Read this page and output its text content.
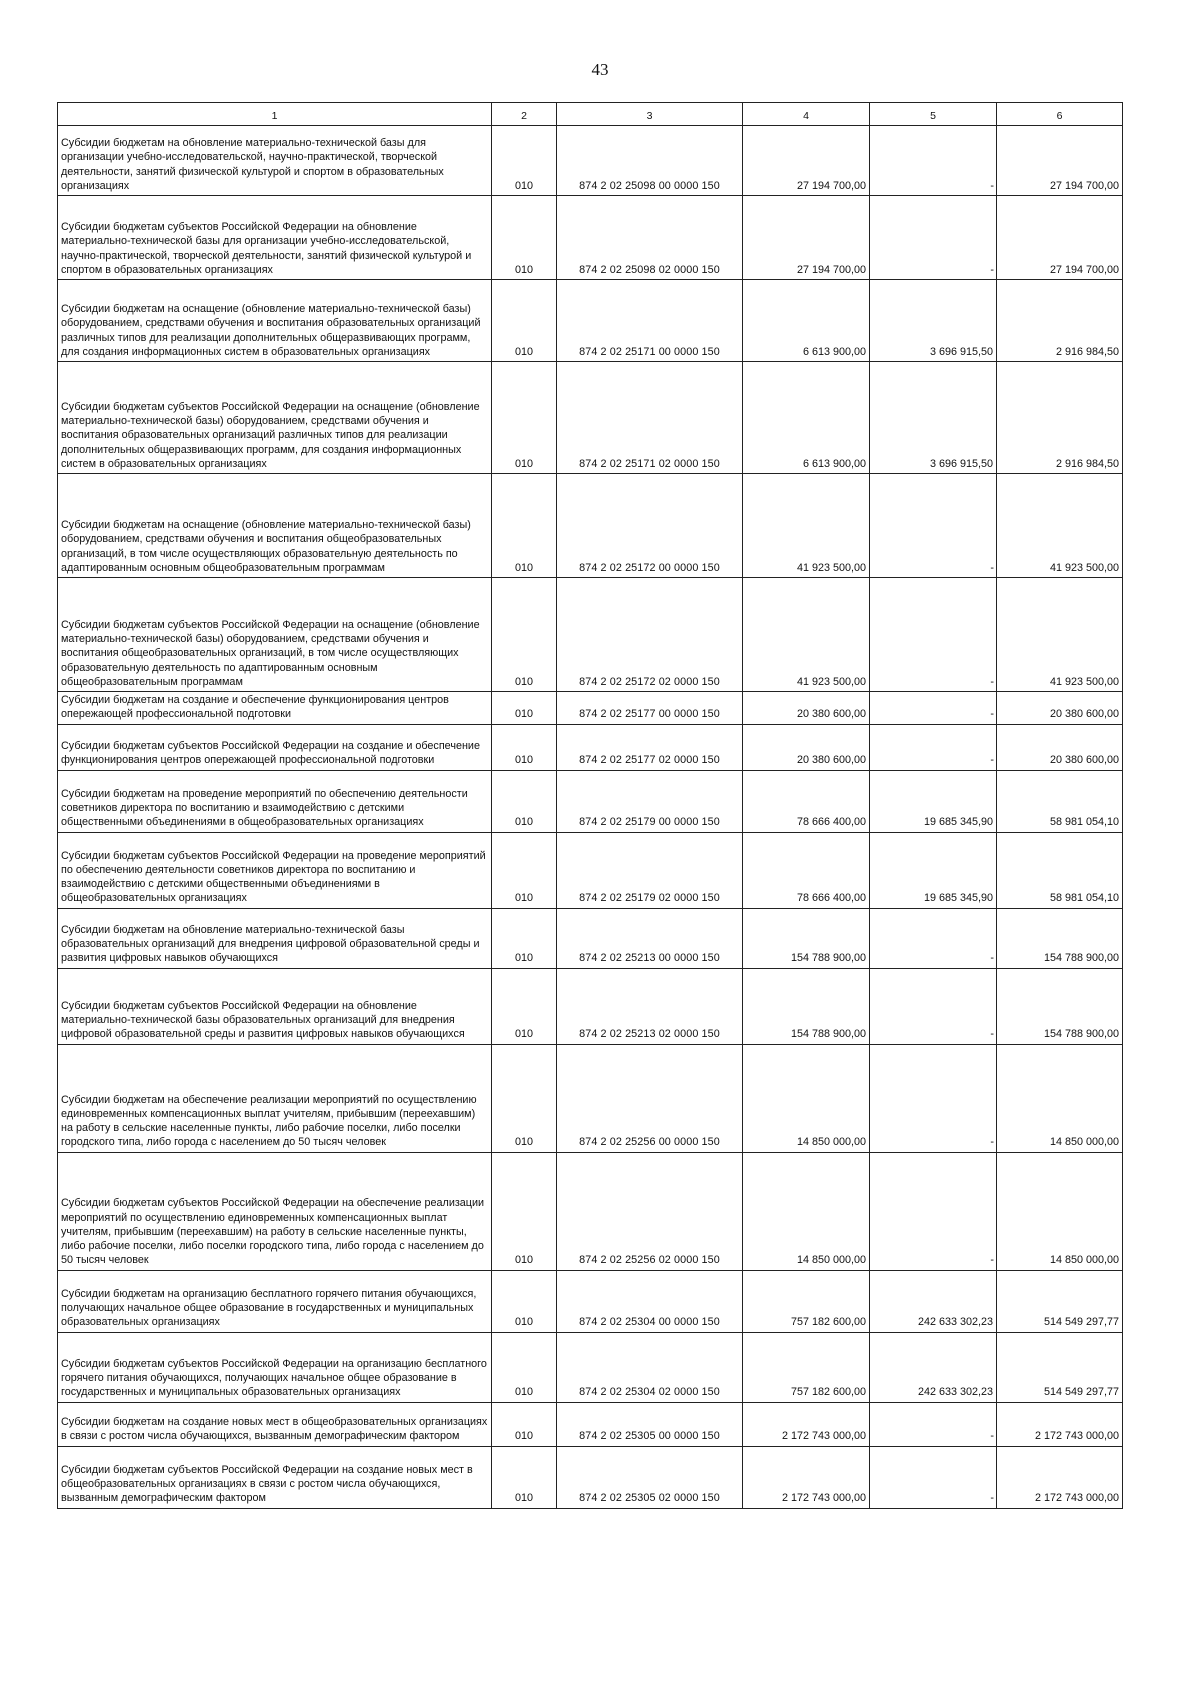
43
1	2	3	4	5	6
Субсидии бюджетам на обновление материально-технической базы для организации учебно-исследовательской, научно-практической, творческой деятельности, занятий физической культурой и спортом в образовательных организациях	010	874 2 02 25098 00 0000 150	27 194 700,00	-	27 194 700,00
Субсидии бюджетам субъектов Российской Федерации на обновление материально-технической базы для организации учебно-исследовательской, научно-практической, творческой деятельности, занятий физической культурой и спортом в образовательных организациях	010	874 2 02 25098 02 0000 150	27 194 700,00	-	27 194 700,00
Субсидии бюджетам на оснащение (обновление материально-технической базы) оборудованием, средствами обучения и воспитания образовательных организаций различных типов для реализации дополнительных общеразвивающих программ, для создания информационных систем в образовательных организациях	010	874 2 02 25171 00 0000 150	6 613 900,00	3 696 915,50	2 916 984,50
Субсидии бюджетам субъектов Российской Федерации на оснащение (обновление материально-технической базы) оборудованием, средствами обучения и воспитания образовательных организаций различных типов для реализации дополнительных общеразвивающих программ, для создания информационных систем в образовательных организациях	010	874 2 02 25171 02 0000 150	6 613 900,00	3 696 915,50	2 916 984,50
Субсидии бюджетам на оснащение (обновление материально-технической базы) оборудованием, средствами обучения и воспитания общеобразовательных организаций, в том числе осуществляющих образовательную деятельность по адаптированным основным общеобразовательным программам	010	874 2 02 25172 00 0000 150	41 923 500,00	-	41 923 500,00
Субсидии бюджетам субъектов Российской Федерации на оснащение (обновление материально-технической базы) оборудованием, средствами обучения и воспитания общеобразовательных организаций, в том числе осуществляющих образовательную деятельность по адаптированным основным общеобразовательным программам	010	874 2 02 25172 02 0000 150	41 923 500,00	-	41 923 500,00
Субсидии бюджетам на создание и обеспечение функционирования центров опережающей профессиональной подготовки	010	874 2 02 25177 00 0000 150	20 380 600,00	-	20 380 600,00
Субсидии бюджетам субъектов Российской Федерации на создание и обеспечение функционирования центров опережающей профессиональной подготовки	010	874 2 02 25177 02 0000 150	20 380 600,00	-	20 380 600,00
Субсидии бюджетам на проведение мероприятий по обеспечению деятельности советников директора по воспитанию и взаимодействию с детскими общественными объединениями в общеобразовательных организациях	010	874 2 02 25179 00 0000 150	78 666 400,00	19 685 345,90	58 981 054,10
Субсидии бюджетам субъектов Российской Федерации на проведение мероприятий по обеспечению деятельности советников директора по воспитанию и взаимодействию с детскими общественными объединениями в общеобразовательных организациях	010	874 2 02 25179 02 0000 150	78 666 400,00	19 685 345,90	58 981 054,10
Субсидии бюджетам на обновление материально-технической базы образовательных организаций для внедрения цифровой образовательной среды и развития цифровых навыков обучающихся	010	874 2 02 25213 00 0000 150	154 788 900,00	-	154 788 900,00
Субсидии бюджетам субъектов Российской Федерации на обновление материально-технической базы образовательных организаций для внедрения цифровой образовательной среды и развития цифровых навыков обучающихся	010	874 2 02 25213 02 0000 150	154 788 900,00	-	154 788 900,00
Субсидии бюджетам на обеспечение реализации мероприятий по осуществлению единовременных компенсационных выплат учителям, прибывшим (переехавшим) на работу в сельские населенные пункты, либо рабочие поселки, либо поселки городского типа, либо города с населением до 50 тысяч человек	010	874 2 02 25256 00 0000 150	14 850 000,00	-	14 850 000,00
Субсидии бюджетам субъектов Российской Федерации на обеспечение реализации мероприятий по осуществлению единовременных компенсационных выплат учителям, прибывшим (переехавшим) на работу в сельские населенные пункты, либо рабочие поселки, либо поселки городского типа, либо города с населением до 50 тысяч человек	010	874 2 02 25256 02 0000 150	14 850 000,00	-	14 850 000,00
Субсидии бюджетам на организацию бесплатного горячего питания обучающихся, получающих начальное общее образование в государственных и муниципальных образовательных организациях	010	874 2 02 25304 00 0000 150	757 182 600,00	242 633 302,23	514 549 297,77
Субсидии бюджетам субъектов Российской Федерации на организацию бесплатного горячего питания обучающихся, получающих начальное общее образование в государственных и муниципальных образовательных организациях	010	874 2 02 25304 02 0000 150	757 182 600,00	242 633 302,23	514 549 297,77
Субсидии бюджетам на создание новых мест в общеобразовательных организациях в связи с ростом числа обучающихся, вызванным демографическим фактором	010	874 2 02 25305 00 0000 150	2 172 743 000,00	-	2 172 743 000,00
Субсидии бюджетам субъектов Российской Федерации на создание новых мест в общеобразовательных организациях в связи с ростом числа обучающихся, вызванным демографическим фактором	010	874 2 02 25305 02 0000 150	2 172 743 000,00	-	2 172 743 000,00
